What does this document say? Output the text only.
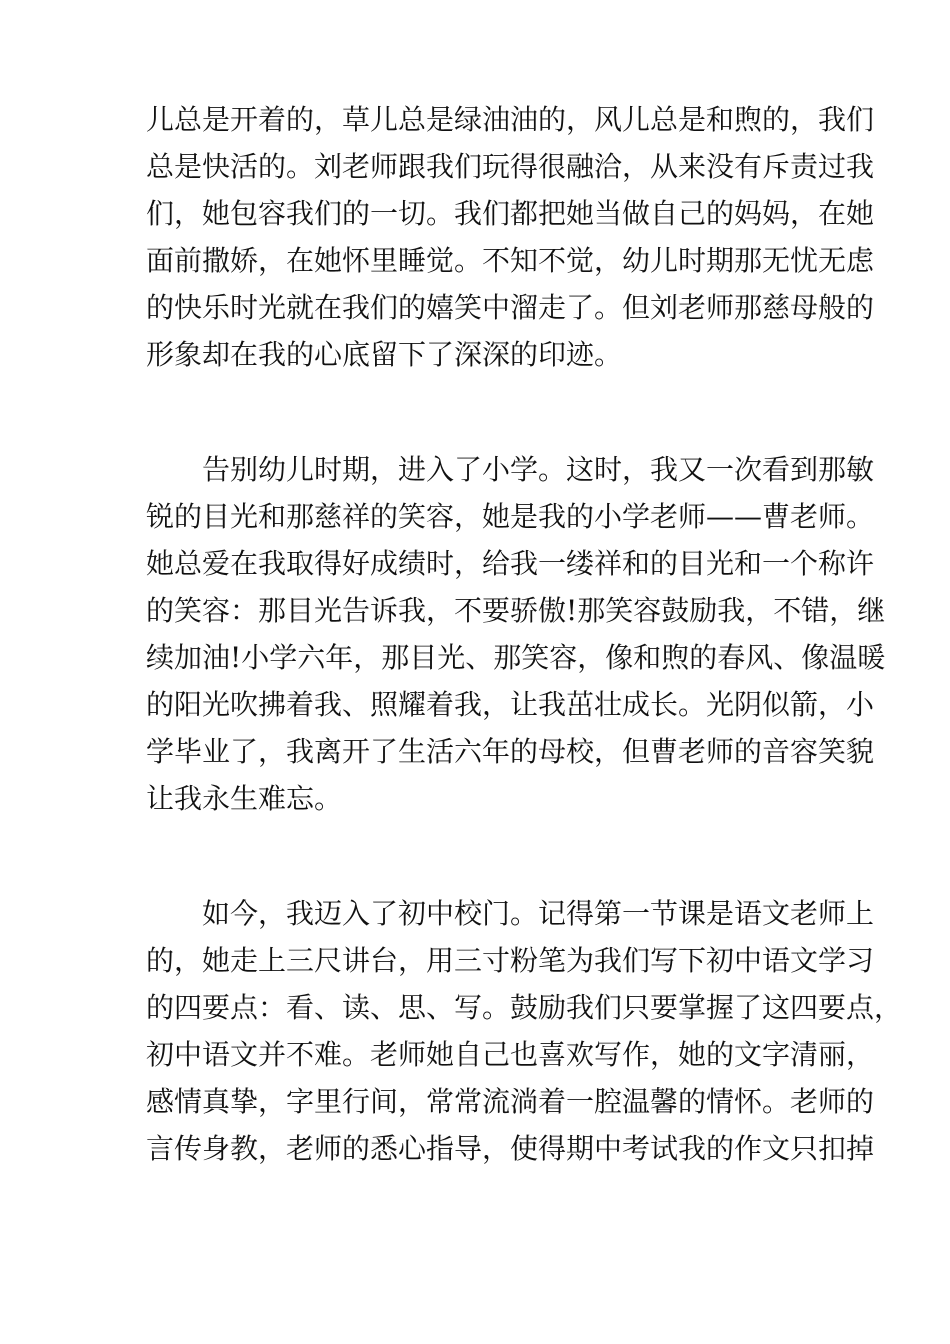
儿总是开着的，草儿总是绿油油的，风儿总是和煦的，我们
总是快活的。刘老师跟我们玩得很融洽，从来没有斥责过我
们，她包容我们的一切。我们都把她当做自己的妈妈，在她
面前撒娇，在她怀里睡觉。不知不觉，幼儿时期那无忧无虑
的快乐时光就在我们的嬉笑中溜走了。但刘老师那慈母般的
形象却在我的心底留下了深深的印迹。
告别幼儿时期，进入了小学。这时，我又一次看到那敏
锐的目光和那慈祥的笑容，她是我的小学老师——曹老师。
她总爱在我取得好成绩时，给我一缕祥和的目光和一个称许
的笑容：那目光告诉我，不要骄傲!那笑容鼓励我，不错，继
续加油!小学六年，那目光、那笑容，像和煦的春风、像温暖
的阳光吹拂着我、照耀着我，让我茁壮成长。光阴似箭，小
学毕业了，我离开了生活六年的母校，但曹老师的音容笑貌
让我永生难忘。
如今，我迈入了初中校门。记得第一节课是语文老师上
的，她走上三尺讲台，用三寸粉笔为我们写下初中语文学习
的四要点：看、读、思、写。鼓励我们只要掌握了这四要点，
初中语文并不难。老师她自己也喜欢写作，她的文字清丽，
感情真挚，字里行间，常常流淌着一腔温馨的情怀。老师的
言传身教，老师的悉心指导，使得期中考试我的作文只扣掉
